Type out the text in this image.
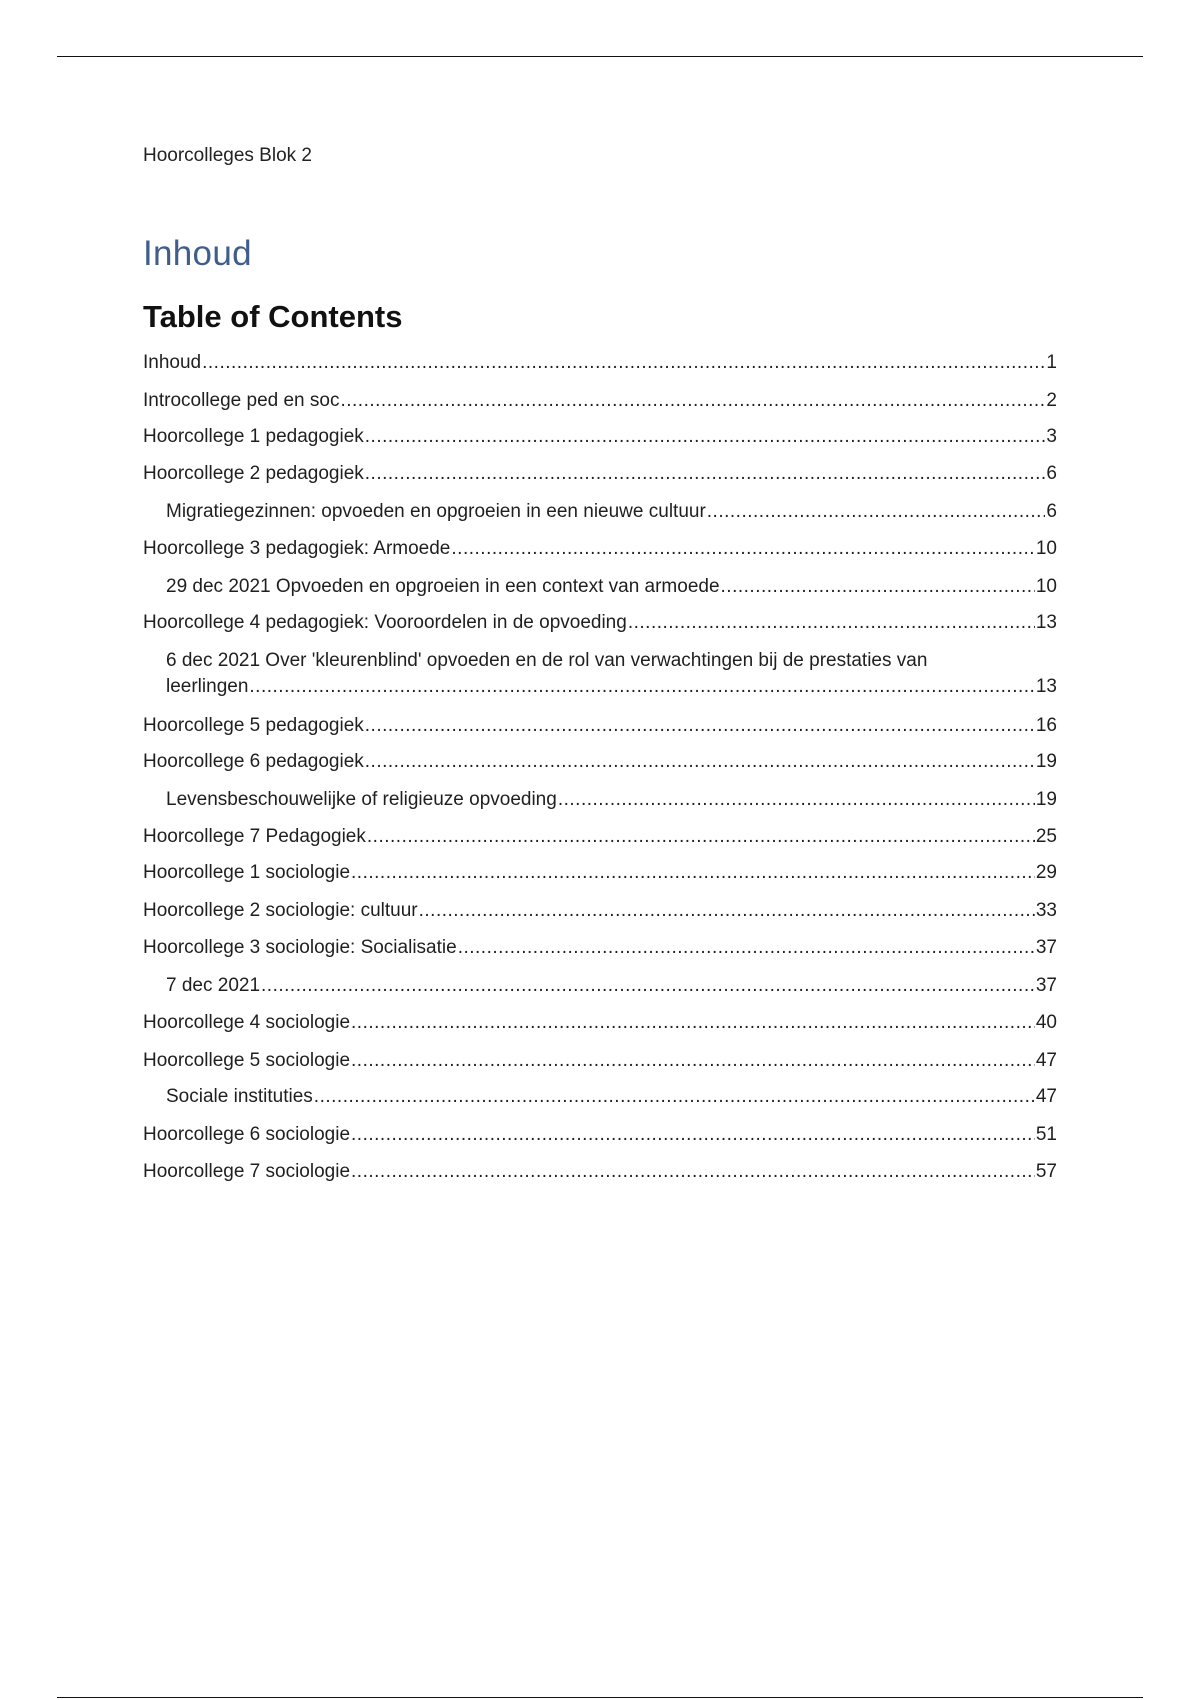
Hoorcolleges Blok 2
Inhoud
Table of Contents
Inhoud .....	1
Introcollege ped en soc .....	2
Hoorcollege 1 pedagogiek .....	3
Hoorcollege 2 pedagogiek .....	6
Migratiegezinnen: opvoeden en opgroeien in een nieuwe cultuur .....	6
Hoorcollege 3 pedagogiek: Armoede .....	10
29 dec 2021 Opvoeden en opgroeien in een context van armoede .....	10
Hoorcollege 4 pedagogiek: Vooroordelen in de opvoeding .....	13
6 dec 2021 Over 'kleurenblind' opvoeden en de rol van verwachtingen bij de prestaties van
leerlingen .....	13
Hoorcollege 5 pedagogiek .....	16
Hoorcollege 6 pedagogiek .....	19
Levensbeschouwelijke of religieuze opvoeding .....	19
Hoorcollege 7 Pedagogiek .....	25
Hoorcollege 1 sociologie .....	29
Hoorcollege 2 sociologie: cultuur .....	33
Hoorcollege 3 sociologie: Socialisatie .....	37
7 dec 2021 .....	37
Hoorcollege 4 sociologie .....	40
Hoorcollege 5 sociologie .....	47
Sociale instituties .....	47
Hoorcollege 6 sociologie .....	51
Hoorcollege 7 sociologie .....	57
